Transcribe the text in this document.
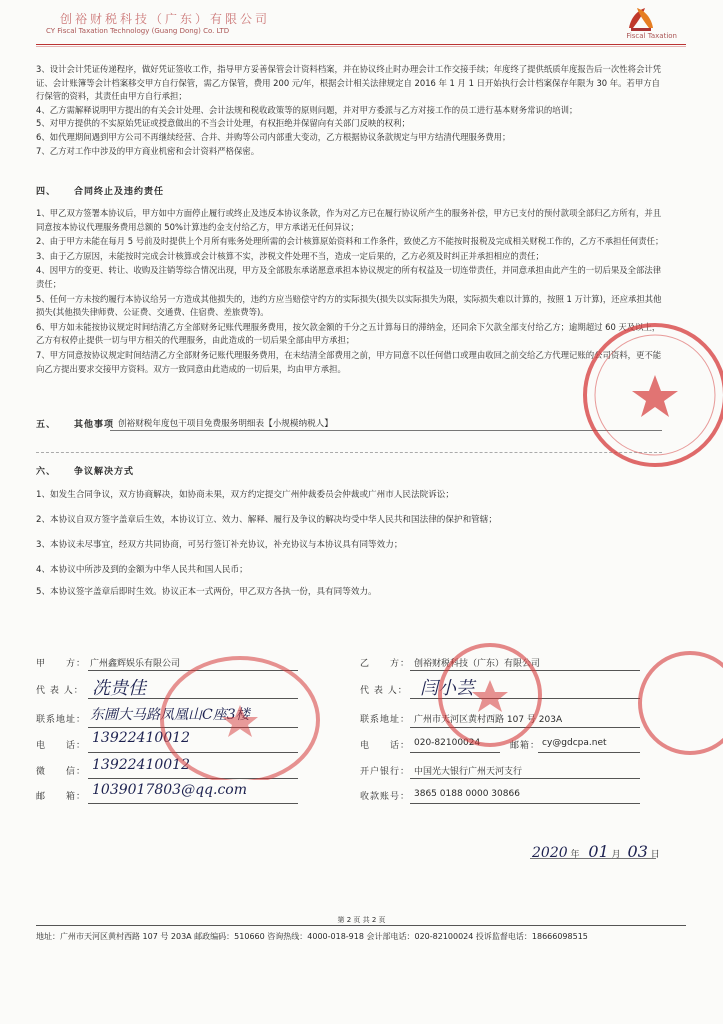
创裕财税科技（广东）有限公司
CY Fiscal Taxation Technology (Guang Dong) Co. LTD
Fiscal Taxation

3、设计会计凭证传递程序，做好凭证签收工作，指导甲方妥善保管会计资料档案，并在协议终止时办理会计工作交接手续；年度终了提供纸质年度报告后一次性将会计凭证、会计账簿等会计档案移交甲方自行保管，需乙方保管，费用 200 元/年，根据会计相关法律规定自 2016 年 1 月 1 日开始执行会计档案保存年限为 30 年。若甲方自行保管的资料，其责任由甲方自行承担；

4、乙方需解释说明甲方提出的有关会计处理、会计法规和税收政策等的原则问题，并对甲方委派与乙方对接工作的员工进行基本财务常识的培训；

5、对甲方提供的不实原始凭证或授意做出的不当会计处理，有权拒绝并保留向有关部门反映的权利；

6、如代理期间遇到甲方公司不再继续经营、合并、并购等公司内部重大变动，乙方根据协议条款规定与甲方结清代理服务费用；

7、乙方对工作中涉及的甲方商业机密和会计资料严格保密。

四、 合同终止及违约责任

1、甲乙双方签署本协议后，甲方如中方面停止履行或终止及违反本协议条款，作为对乙方已在履行协议所产生的服务补偿，甲方已支付的预付款项全部归乙方所有，并且同意按本协议代理服务费用总额的 50%计算违约金支付给乙方，甲方承诺无任何异议；

2、由于甲方未能在每月 5 号前及时提供上个月所有账务处理所需的会计核算原始资料和工作条件，致使乙方不能按时报税及完成相关财税工作的，乙方不承担任何责任；

3、由于乙方原因，未能按时完成会计核算或会计核算不实，涉税文件处理不当，造成一定后果的，乙方必须及时纠正并承担相应的责任；

4、因甲方的变更、转让、收购及注销等综合情况出现，甲方及全部股东承诺愿意承担本协议规定的所有权益及一切连带责任，并同意承担由此产生的一切后果及全部法律责任；

5、任何一方未按约履行本协议给另一方造成其他损失的，违约方应当赔偿守约方的实际损失(损失以实际损失为限，实际损失难以计算的，按照 1 万计算)，还应承担其他损失(其他损失律师费、公证费、交通费、住宿费、差旅费等)。

6、甲方如未能按协议规定时间结清乙方全部财务记账代理服务费用，按欠款金额的千分之五计算每日的滞纳金，还同余下欠款全部支付给乙方；逾期超过 60 天及以上，乙方有权停止提供一切与甲方相关的代理服务，由此造成的一切后果全部由甲方承担；

7、甲方同意按协议规定时间结清乙方全部财务记账代理服务费用，在未结清全部费用之前，甲方同意不以任何借口或理由收回之前交给乙方代理记账的公司资料，更不能向乙方提出要求交接甲方资料。双方一致同意由此造成的一切后果，均由甲方承担。

五、 其他事项 创裕财税年度包干项目免费服务明细表【小规模纳税人】
六、 争议解决方式
1、如发生合同争议，双方协商解决，如协商未果，双方约定提交广州仲裁委员会仲裁或广州市人民法院诉讼；
2、本协议自双方签字盖章后生效，本协议订立、效力、解释、履行及争议的解决均受中华人民共和国法律的保护和管辖；
3、本协议未尽事宜，经双方共同协商，可另行签订补充协议，补充协议与本协议具有同等效力；
4、本协议中所涉及到的金额为中华人民共和国人民币；
5、本协议签字盖章后即时生效。协议正本一式两份，甲乙双方各执一份，具有同等效力。
甲　　方： 广州鑫辉娱乐有限公司
代 表 人： 冼贵佳
联系地址： 东圃大马路凤凰山C座3楼
电　　话： 13922410012
微　　信： 13922410012
邮　　箱： 1039017803@qq.com
乙　　方： 创裕财税科技（广东）有限公司
代 表 人： 闫小芸
联系地址： 广州市天河区黄村西路 107 号 203A
电　　话： 020-82100024	邮箱： cy@gdcpa.net
开户银行： 中国光大银行广州天河支行
收款账号： 3865 0188 0000 30866
2020 年 01 月 03 日
第 2 页 共 2 页
地址：广州市天河区黄村西路 107 号 203A 邮政编码：510660 咨询热线：4000-018-918 会计部电话：020-82100024 投诉监督电话：18666098515
